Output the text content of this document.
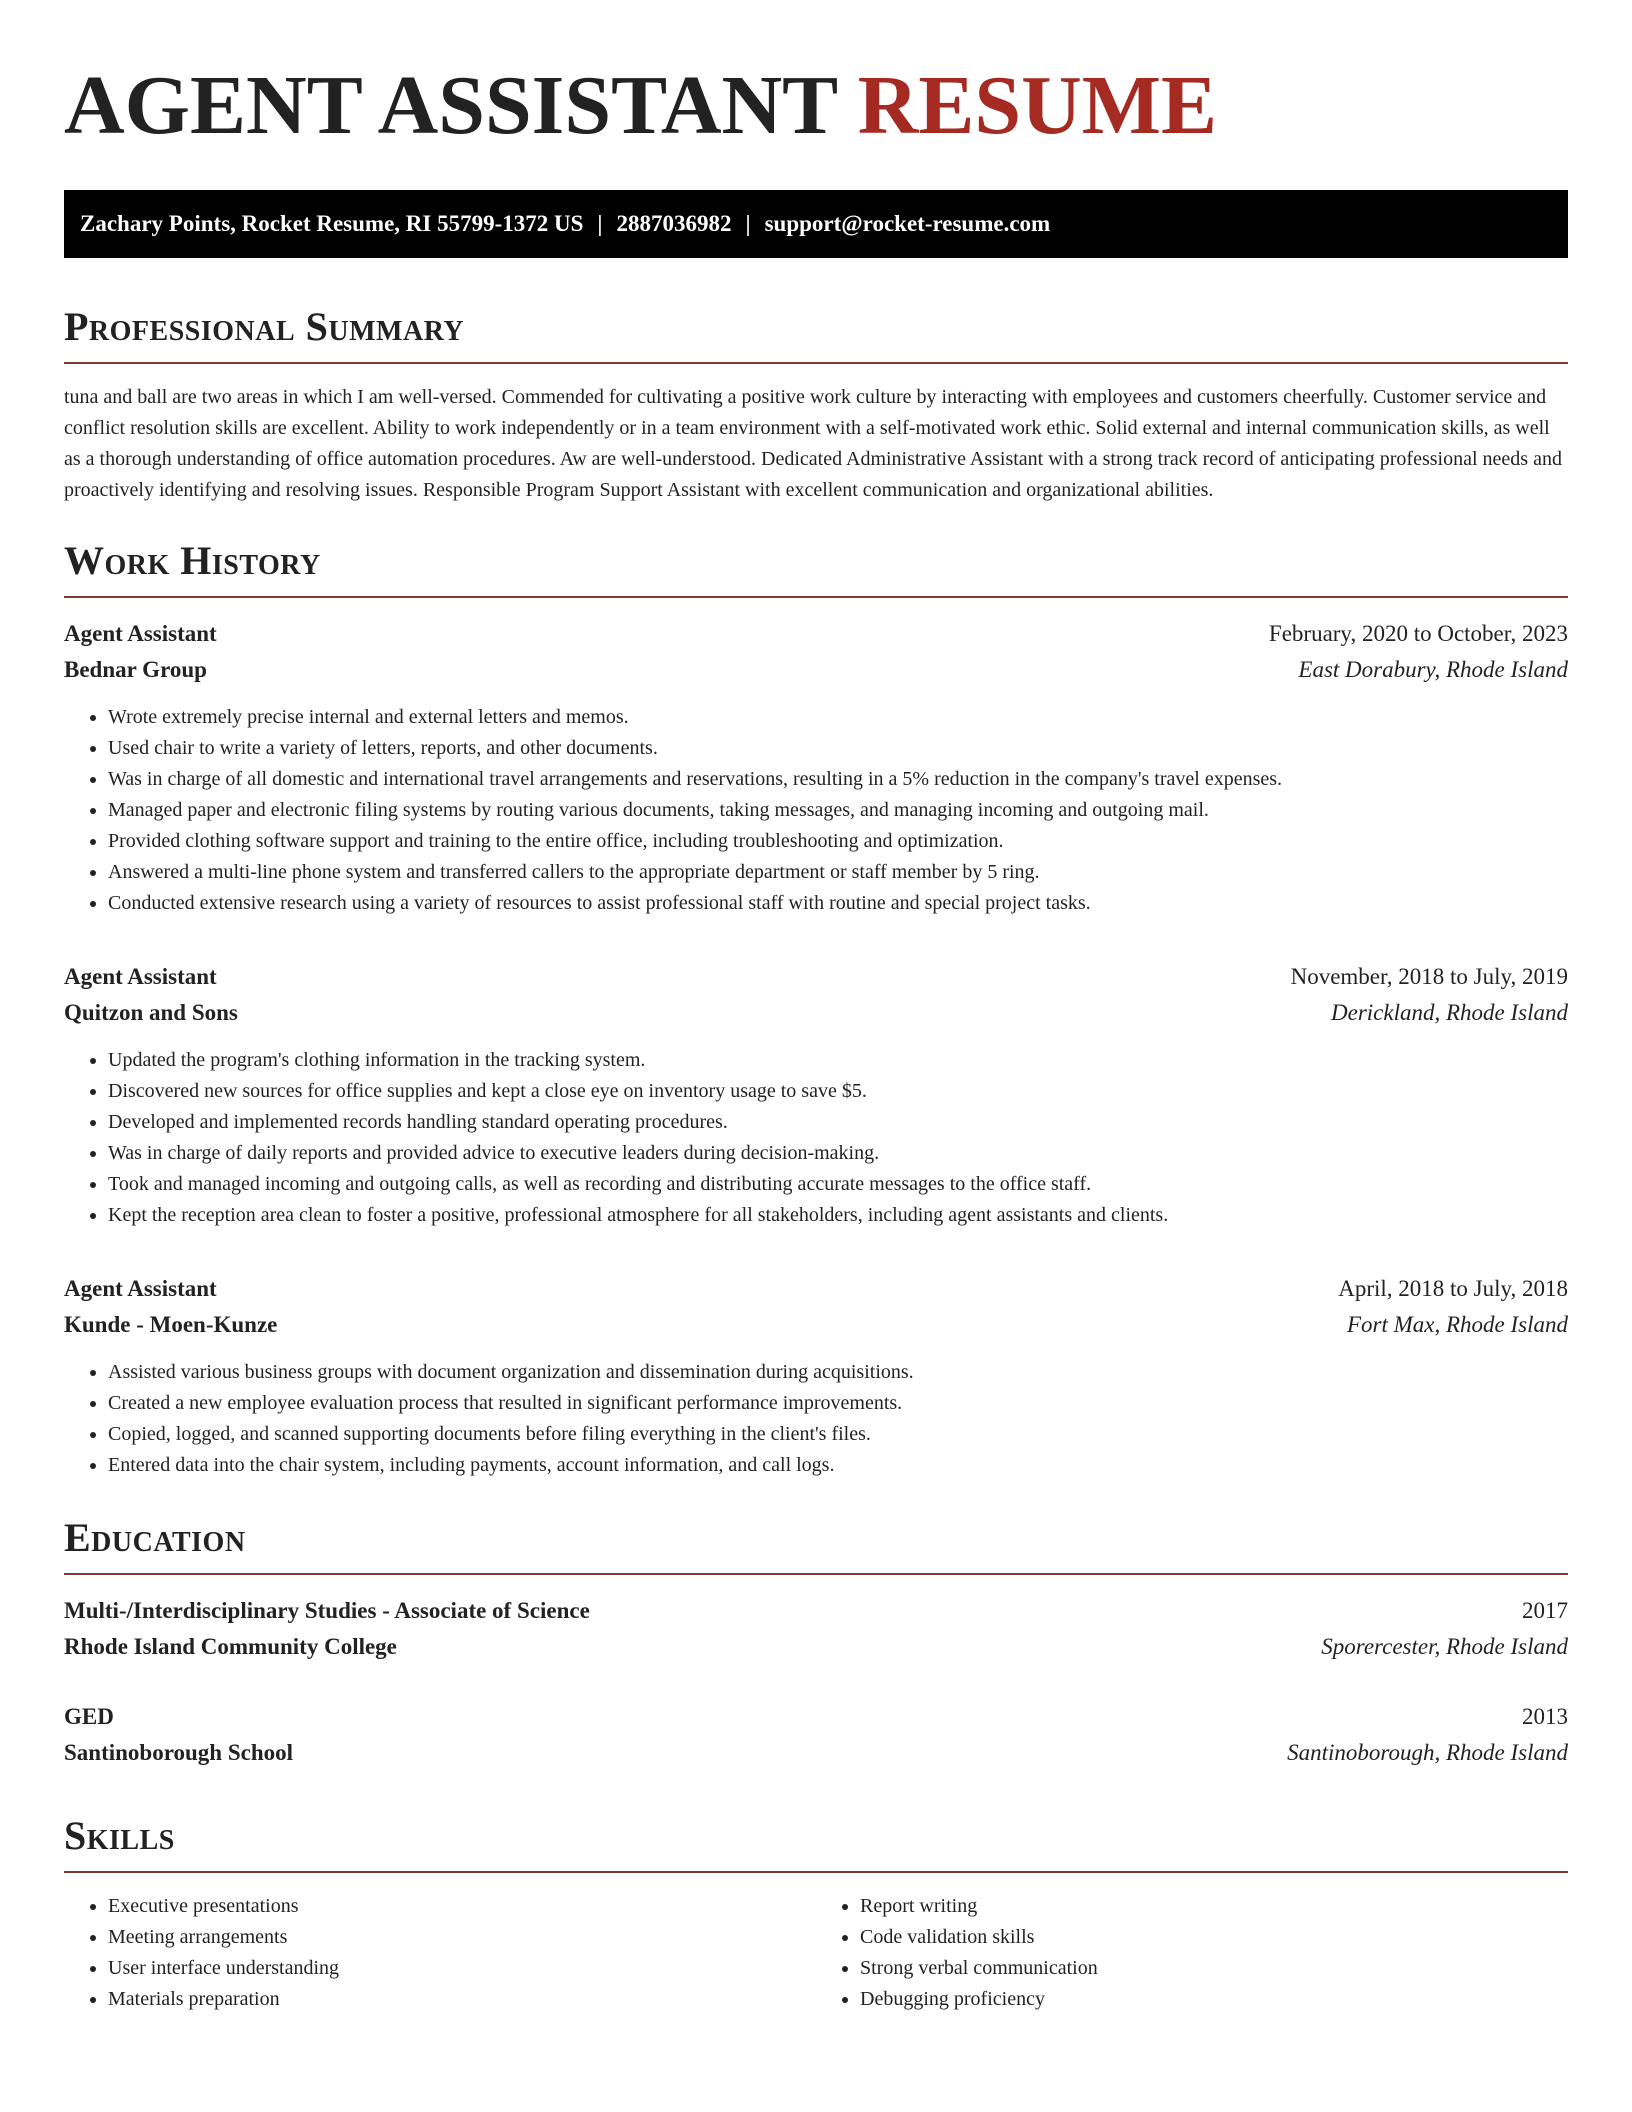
AGENT ASSISTANT RESUME
Zachary Points, Rocket Resume, RI 55799-1372 US | 2887036982 | support@rocket-resume.com
Professional Summary

tuna and ball are two areas in which I am well-versed. Commended for cultivating a positive work culture by interacting with employees and customers cheerfully. Customer service and conflict resolution skills are excellent. Ability to work independently or in a team environment with a self-motivated work ethic. Solid external and internal communication skills, as well as a thorough understanding of office automation procedures. Aw are well-understood. Dedicated Administrative Assistant with a strong track record of anticipating professional needs and proactively identifying and resolving issues. Responsible Program Support Assistant with excellent communication and organizational abilities.

Work History
Agent Assistant	February, 2020 to October, 2023
Bednar Group	East Dorabury, Rhode Island
• Wrote extremely precise internal and external letters and memos.
• Used chair to write a variety of letters, reports, and other documents.
• Was in charge of all domestic and international travel arrangements and reservations, resulting in a 5% reduction in the company's travel expenses.
• Managed paper and electronic filing systems by routing various documents, taking messages, and managing incoming and outgoing mail.
• Provided clothing software support and training to the entire office, including troubleshooting and optimization.
• Answered a multi-line phone system and transferred callers to the appropriate department or staff member by 5 ring.
• Conducted extensive research using a variety of resources to assist professional staff with routine and special project tasks.
Agent Assistant	November, 2018 to July, 2019
Quitzon and Sons	Derickland, Rhode Island
• Updated the program's clothing information in the tracking system.
• Discovered new sources for office supplies and kept a close eye on inventory usage to save $5.
• Developed and implemented records handling standard operating procedures.
• Was in charge of daily reports and provided advice to executive leaders during decision-making.
• Took and managed incoming and outgoing calls, as well as recording and distributing accurate messages to the office staff.
• Kept the reception area clean to foster a positive, professional atmosphere for all stakeholders, including agent assistants and clients.
Agent Assistant	April, 2018 to July, 2018
Kunde - Moen-Kunze	Fort Max, Rhode Island
• Assisted various business groups with document organization and dissemination during acquisitions.
• Created a new employee evaluation process that resulted in significant performance improvements.
• Copied, logged, and scanned supporting documents before filing everything in the client's files.
• Entered data into the chair system, including payments, account information, and call logs.
Education
Multi-/Interdisciplinary Studies - Associate of Science	2017
Rhode Island Community College	Sporercester, Rhode Island
GED	2013
Santinoborough School	Santinoborough, Rhode Island
Skills
• Executive presentations
• Meeting arrangements
• User interface understanding
• Materials preparation
• Report writing
• Code validation skills
• Strong verbal communication
• Debugging proficiency
